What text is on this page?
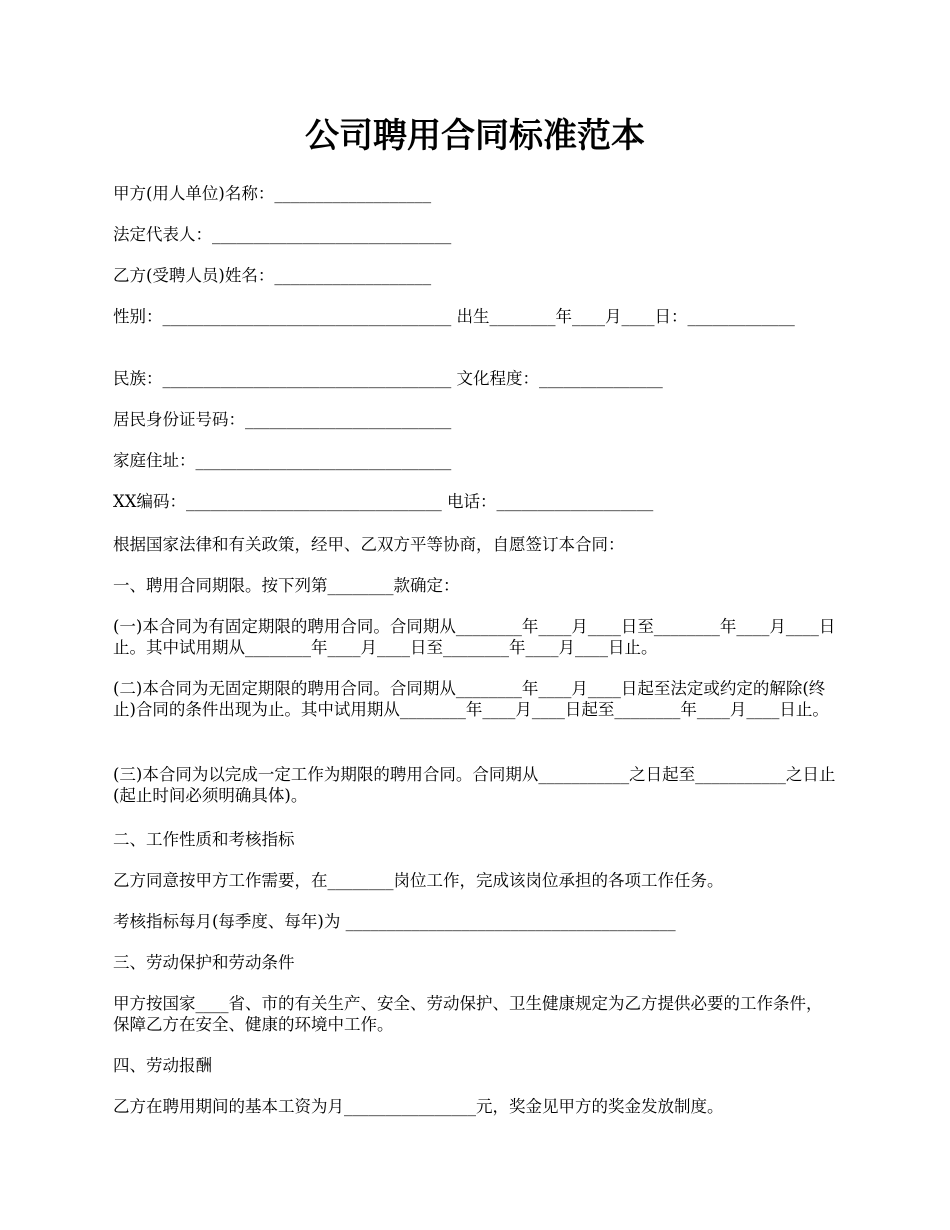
公司聘用合同标准范本

甲方(用人单位)名称：___________________

法定代表人：_____________________________

乙方(受聘人员)姓名：___________________

性别：___________________________________ 出生________年____月____日：_____________

民族：___________________________________ 文化程度：_______________

居民身份证号码：_________________________

家庭住址：_______________________________

XX编码：_______________________________ 电话：___________________

根据国家法律和有关政策，经甲、乙双方平等协商，自愿签订本合同：

一、聘用合同期限。按下列第________款确定：

(一)本合同为有固定期限的聘用合同。合同期从________年____月____日至________年____月____日止。其中试用期从________年____月____日至________年____月____日止。

(二)本合同为无固定期限的聘用合同。合同期从________年____月____日起至法定或约定的解除(终止)合同的条件出现为止。其中试用期从________年____月____日起至________年____月____日止。

(三)本合同为以完成一定工作为期限的聘用合同。合同期从___________之日起至___________之日止(起止时间必须明确具体)。

二、工作性质和考核指标

乙方同意按甲方工作需要，在________岗位工作，完成该岗位承担的各项工作任务。

考核指标每月(每季度、每年)为 ________________________________________

三、劳动保护和劳动条件

甲方按国家____省、市的有关生产、安全、劳动保护、卫生健康规定为乙方提供必要的工作条件，保障乙方在安全、健康的环境中工作。

四、劳动报酬

乙方在聘用期间的基本工资为月________________元，奖金见甲方的奖金发放制度。
